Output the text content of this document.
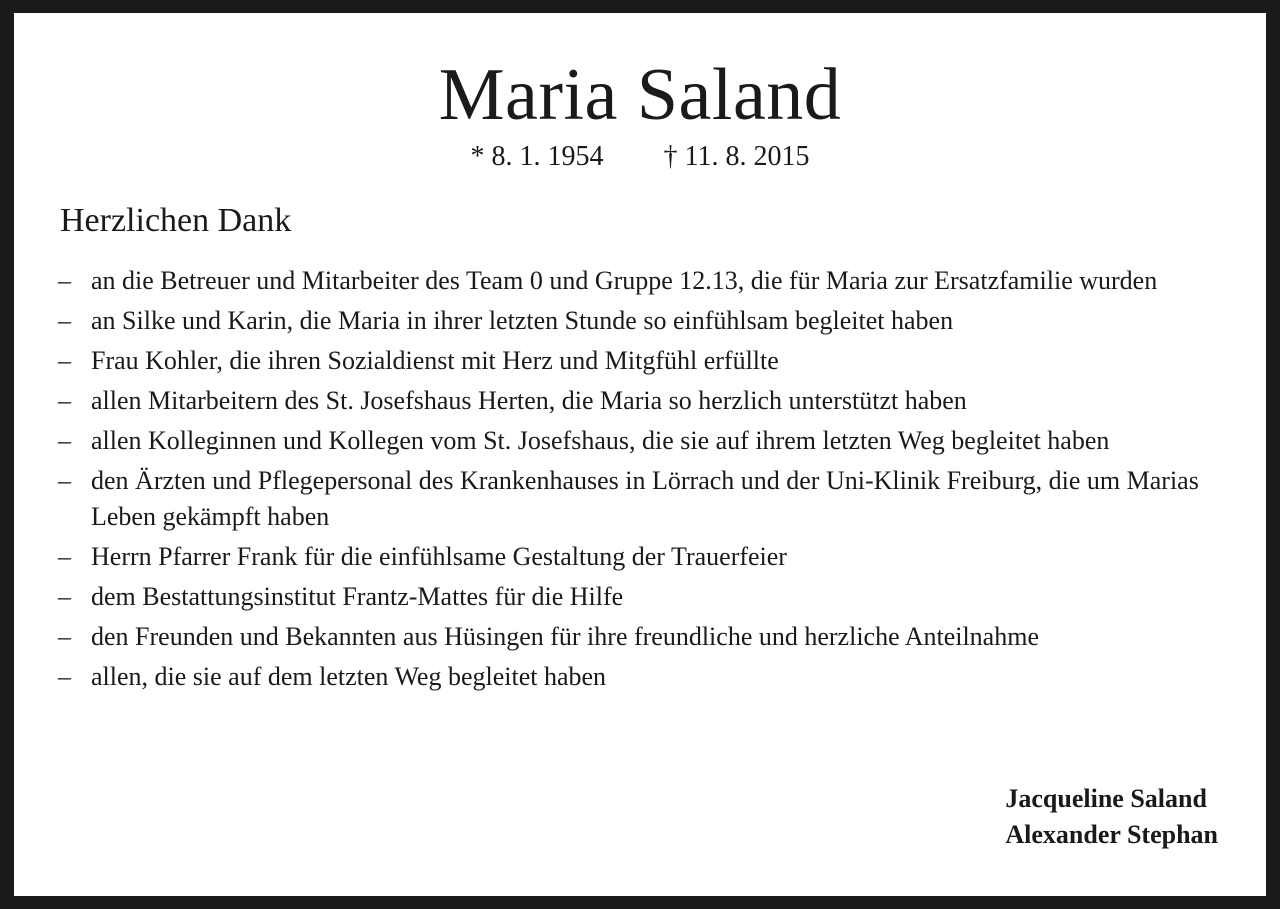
Maria Saland
* 8. 1. 1954 † 11. 8. 2015
Herzlichen Dank
– an die Betreuer und Mitarbeiter des Team 0 und Gruppe 12.13, die für Maria zur Ersatzfamilie wurden
– an Silke und Karin, die Maria in ihrer letzten Stunde so einfühlsam begleitet haben
– Frau Kohler, die ihren Sozialdienst mit Herz und Mitgfühl erfüllte
– allen Mitarbeitern des St. Josefshaus Herten, die Maria so herzlich unterstützt haben
– allen Kolleginnen und Kollegen vom St. Josefshaus, die sie auf ihrem letzten Weg begleitet haben
– den Ärzten und Pflegepersonal des Krankenhauses in Lörrach und der Uni-Klinik Freiburg, die um Marias Leben gekämpft haben
– Herrn Pfarrer Frank für die einfühlsame Gestaltung der Trauerfeier
– dem Bestattungsinstitut Frantz-Mattes für die Hilfe
– den Freunden und Bekannten aus Hüsingen für ihre freundliche und herzliche Anteilnahme
– allen, die sie auf dem letzten Weg begleitet haben
Jacqueline Saland
Alexander Stephan
